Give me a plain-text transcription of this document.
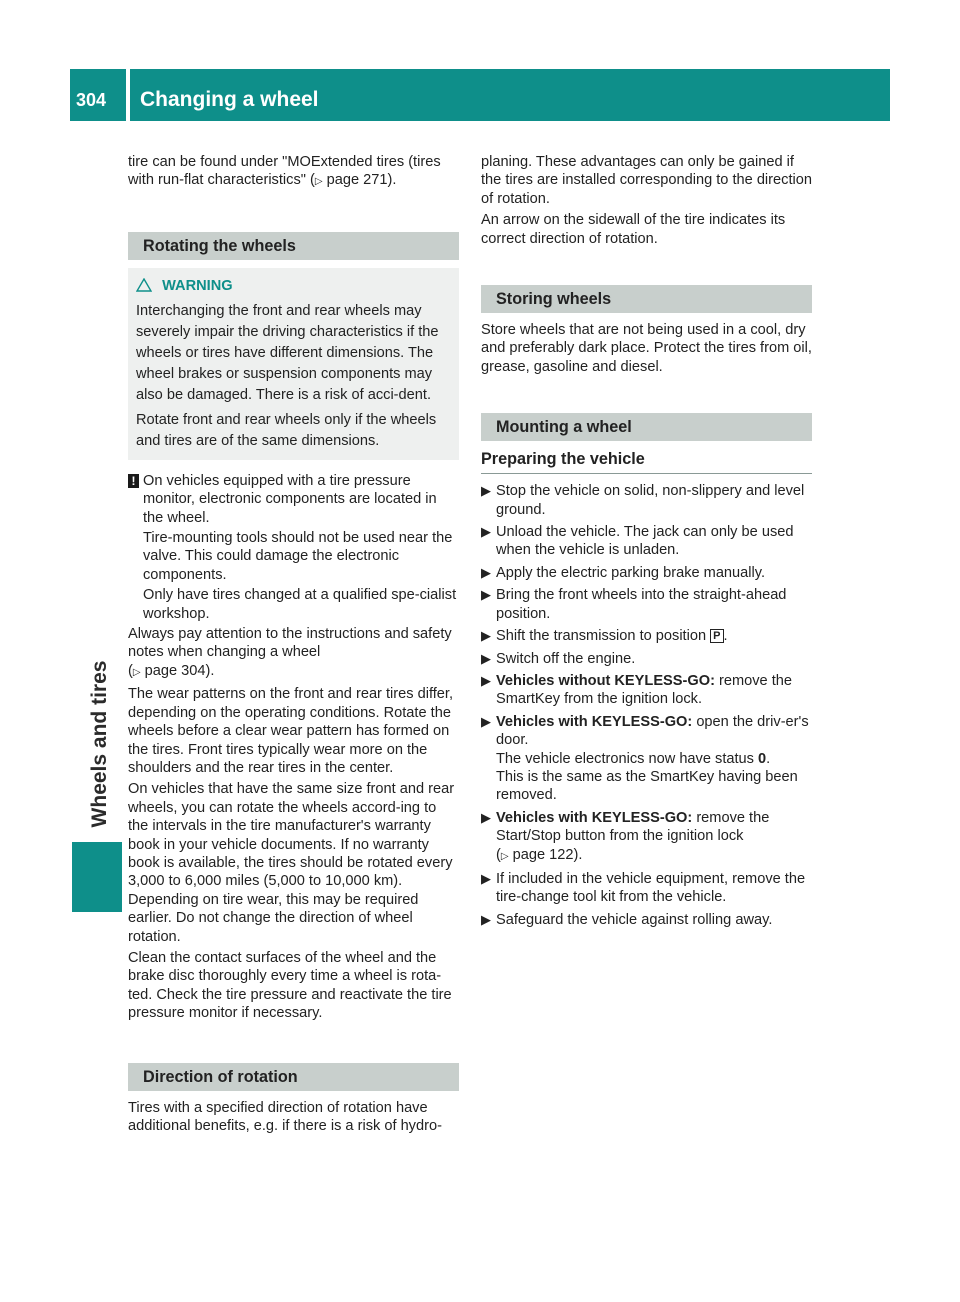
304	Changing a wheel
Wheels and tires

tire can be found under "MOExtended tires (tires
with run-flat characteristics" (▷ page 271).

Rotating the wheels
WARNING

Interchanging the front and rear wheels may severely impair the driving characteristics if the wheels or tires have different dimensions. The wheel brakes or suspension components may also be damaged. There is a risk of acci-dent.

Rotate front and rear wheels only if the wheels and tires are of the same dimensions.

! On vehicles equipped with a tire pressure monitor, electronic components are located in the wheel.

Tire-mounting tools should not be used near the valve. This could damage the electronic components.

Only have tires changed at a qualified spe-cialist workshop.

Always pay attention to the instructions and safety notes when changing a wheel
(▷ page 304).

The wear patterns on the front and rear tires differ, depending on the operating conditions. Rotate the wheels before a clear wear pattern has formed on the tires. Front tires typically wear more on the shoulders and the rear tires in the center.

On vehicles that have the same size front and rear wheels, you can rotate the wheels accord-ing to the intervals in the tire manufacturer's warranty book in your vehicle documents. If no warranty book is available, the tires should be rotated every 3,000 to 6,000 miles (5,000 to 10,000 km). Depending on tire wear, this may be required earlier. Do not change the direction of wheel rotation.

Clean the contact surfaces of the wheel and the brake disc thoroughly every time a wheel is rota-ted. Check the tire pressure and reactivate the tire pressure monitor if necessary.

Direction of rotation

Tires with a specified direction of rotation have additional benefits, e.g. if there is a risk of hydro-

planing. These advantages can only be gained if the tires are installed corresponding to the direction of rotation.

An arrow on the sidewall of the tire indicates its correct direction of rotation.

Storing wheels

Store wheels that are not being used in a cool, dry and preferably dark place. Protect the tires from oil, grease, gasoline and diesel.

Mounting a wheel
Preparing the vehicle
▶ Stop the vehicle on solid, non-slippery and level ground.
▶ Unload the vehicle. The jack can only be used when the vehicle is unladen.
▶ Apply the electric parking brake manually.
▶ Bring the front wheels into the straight-ahead position.
▶ Shift the transmission to position P .
▶ Switch off the engine.
▶ Vehicles without KEYLESS-GO: remove the SmartKey from the ignition lock.
▶ Vehicles with KEYLESS-GO: open the driv-er's door.
The vehicle electronics now have status 0.
This is the same as the SmartKey having been removed.
▶ Vehicles with KEYLESS-GO: remove the Start/Stop button from the ignition lock
(▷ page 122).
▶ If included in the vehicle equipment, remove the tire-change tool kit from the vehicle.
▶ Safeguard the vehicle against rolling away.
